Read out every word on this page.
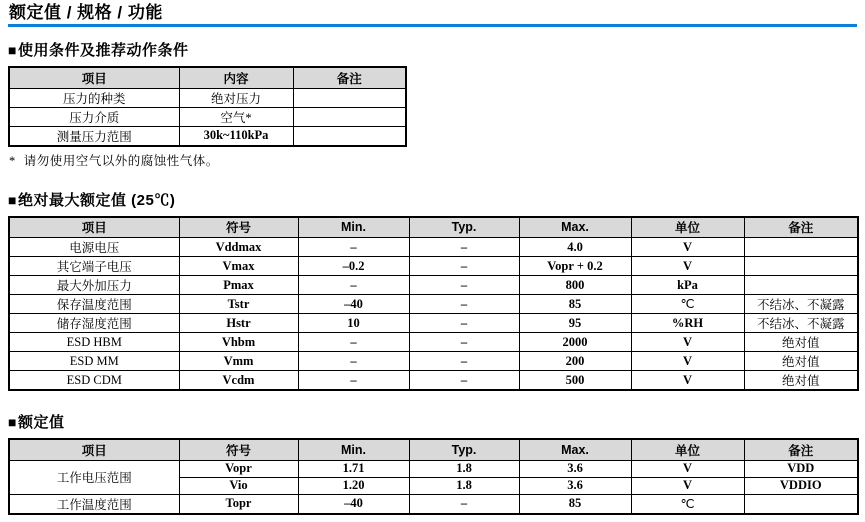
额定值 / 规格 / 功能
■使用条件及推荐动作条件
项目	内容	备注
压力的种类	绝对压力	
压力介质	空气*	
测量压力范围	30k~110kPa	

* 请勿使用空气以外的腐蚀性气体。

■绝对最大额定值 (25℃)
项目	符号	Min.	Typ.	Max.	单位	备注
电源电压	Vddmax	–	–	4.0	V	
其它端子电压	Vmax	–0.2	–	Vopr + 0.2	V	
最大外加压力	Pmax	–	–	800	kPa	
保存温度范围	Tstr	–40	–	85	℃	不结冰、不凝露
储存湿度范围	Hstr	10	–	95	%RH	不结冰、不凝露
ESD HBM	Vhbm	–	–	2000	V	绝对值
ESD MM	Vmm	–	–	200	V	绝对值
ESD CDM	Vcdm	–	–	500	V	绝对值
■额定值
项目	符号	Min.	Typ.	Max.	单位	备注
工作电压范围	Vopr	1.71	1.8	3.6	V	VDD
	Vio	1.20	1.8	3.6	V	VDDIO
工作温度范围	Topr	–40	–	85	℃	
